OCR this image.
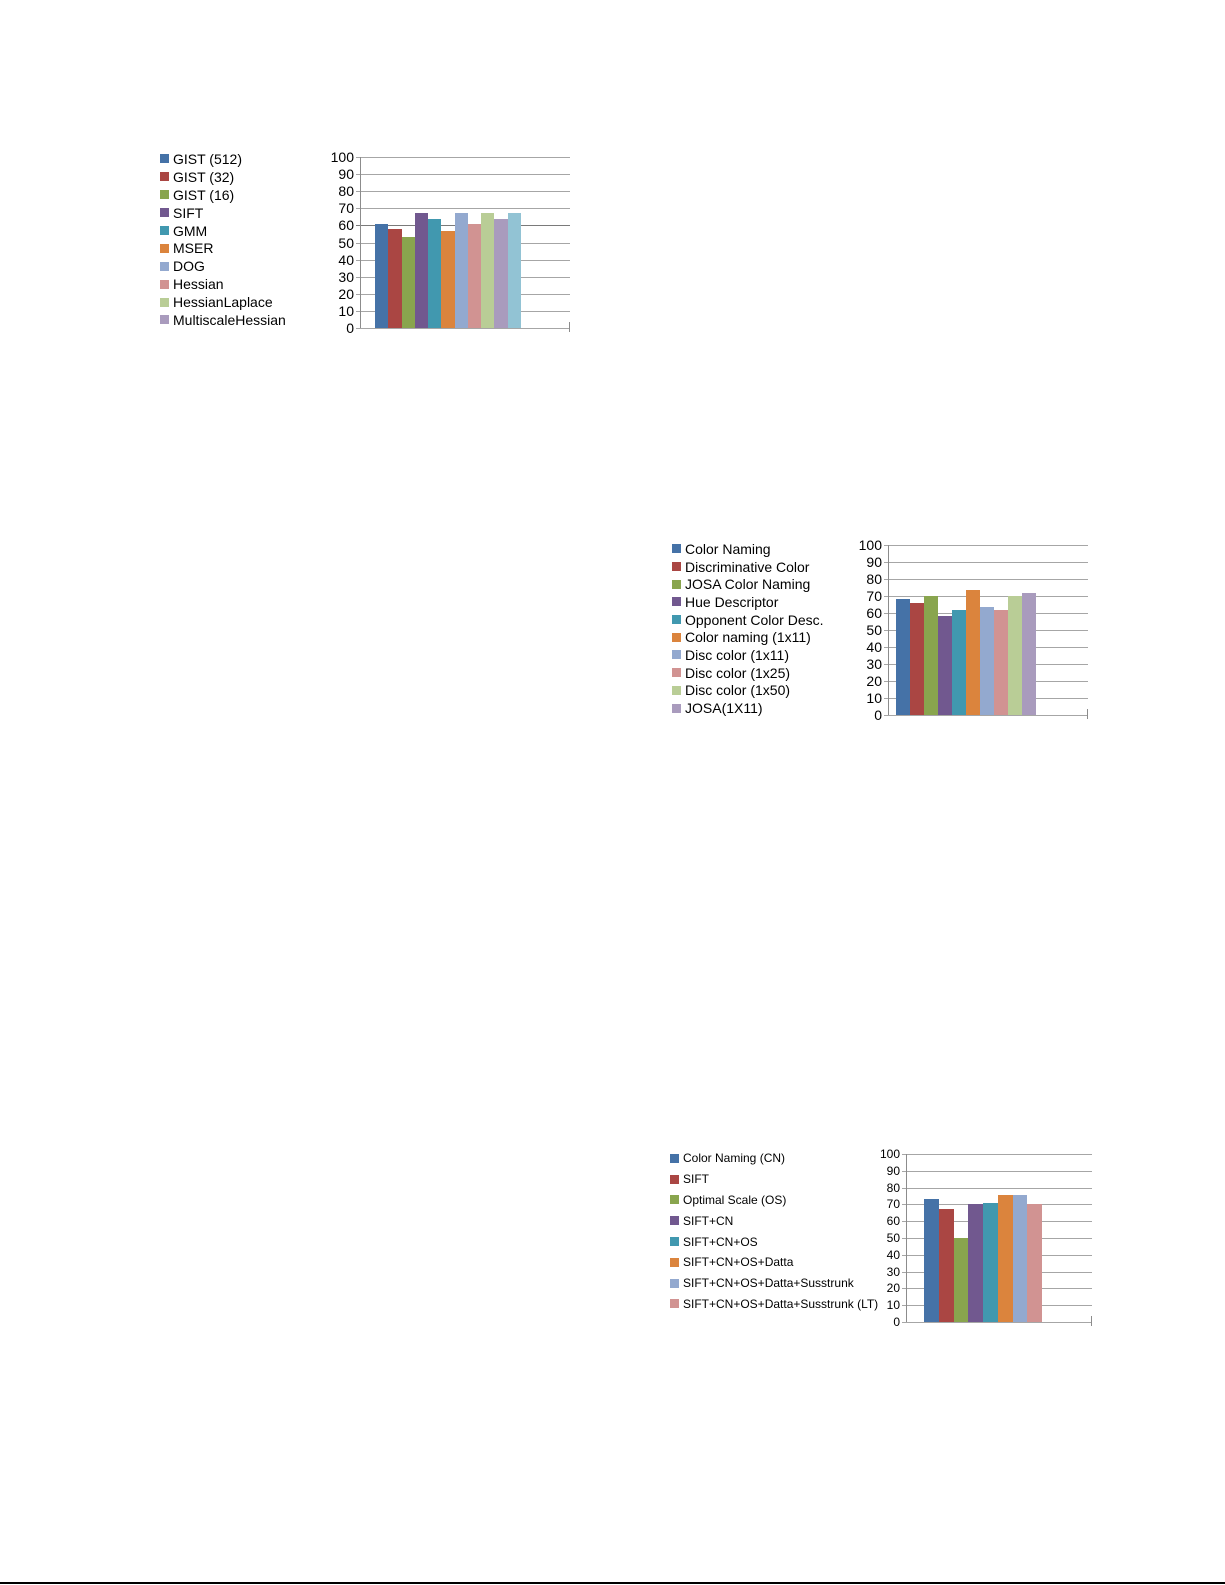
GIST (512)
GIST (32)
GIST (16)
SIFT
GMM
MSER
DOG
Hessian
HessianLaplace
MultiscaleHessian
0
10
20
30
40
50
60
70
80
90
100
Color Naming
Discriminative Color
JOSA Color Naming
Hue Descriptor
Opponent Color Desc.
Color naming (1x11)
Disc color (1x11)
Disc color (1x25)
Disc color (1x50)
JOSA(1X11)	0
10
20
30
40
50
60
70
80
90
100
Color Naming (CN)
SIFT
Optimal Scale (OS)
SIFT+CN
SIFT+CN+OS
SIFT+CN+OS+Datta
SIFT+CN+OS+Datta+Susstrunk
SIFT+CN+OS+Datta+Susstrunk (LT)
0
10
20
30
40
50
60
70
80
90
100
